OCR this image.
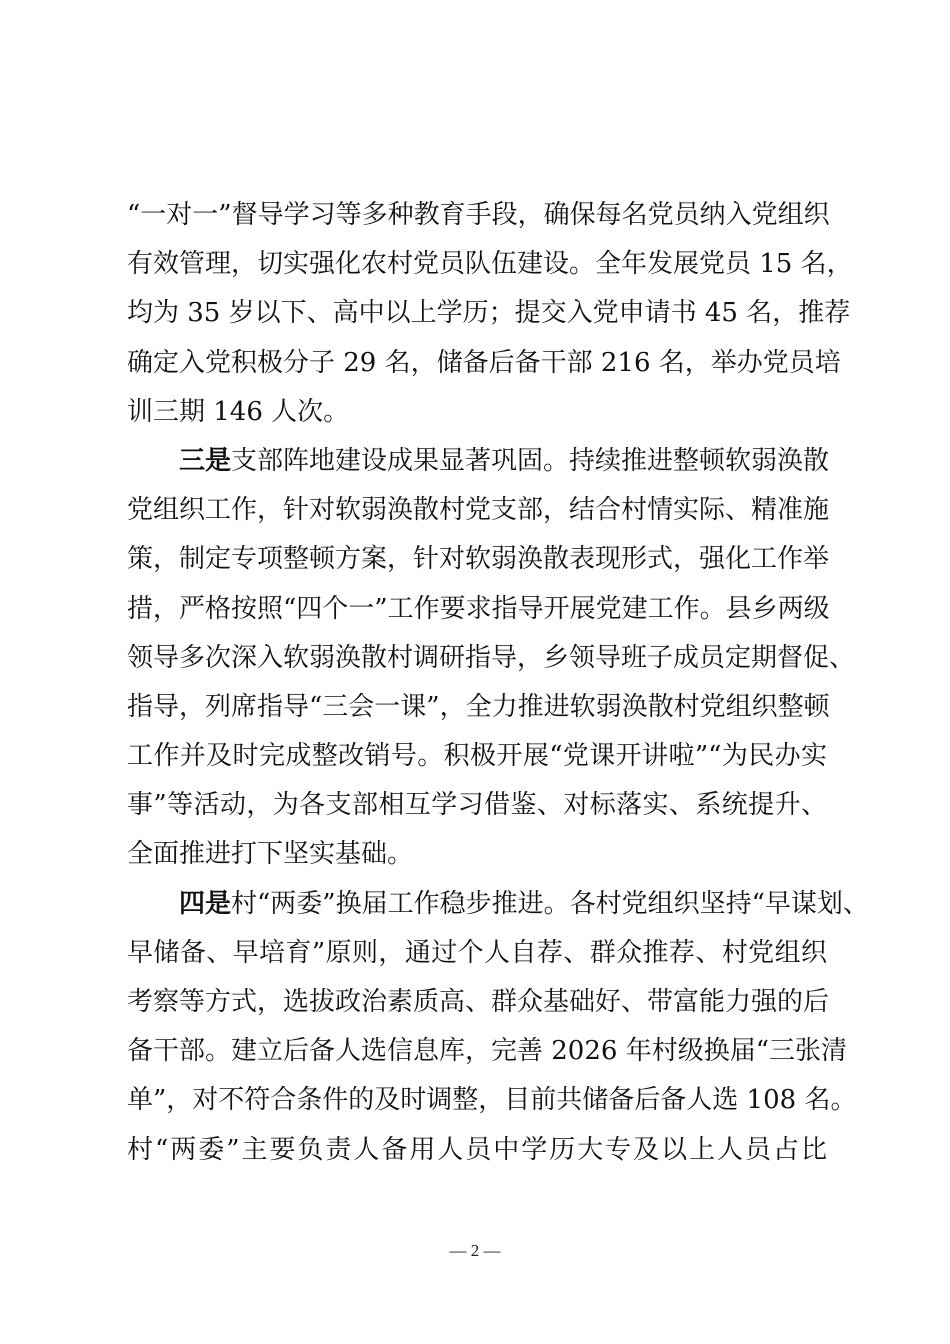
“一对一”督导学习等多种教育手段，确保每名党员纳入党组织
有效管理，切实强化农村党员队伍建设。全年发展党员 15 名，
均为 35 岁以下、高中以上学历；提交入党申请书 45 名，推荐
确定入党积极分子 29 名，储备后备干部 216 名，举办党员培
训三期 146 人次。
三是支部阵地建设成果显著巩固。持续推进整顿软弱涣散
党组织工作，针对软弱涣散村党支部，结合村情实际、精准施
策，制定专项整顿方案，针对软弱涣散表现形式，强化工作举
措，严格按照“四个一”工作要求指导开展党建工作。县乡两级
领导多次深入软弱涣散村调研指导，乡领导班子成员定期督促、
指导，列席指导“三会一课”，全力推进软弱涣散村党组织整顿
工作并及时完成整改销号。积极开展“党课开讲啦”“为民办实
事”等活动，为各支部相互学习借鉴、对标落实、系统提升、
全面推进打下坚实基础。
四是村“两委”换届工作稳步推进。各村党组织坚持“早谋划、
早储备、早培育”原则，通过个人自荐、群众推荐、村党组织
考察等方式，选拔政治素质高、群众基础好、带富能力强的后
备干部。建立后备人选信息库，完善 2026 年村级换届“三张清
单”，对不符合条件的及时调整，目前共储备后备人选 108 名。
村“两委”主要负责人备用人员中学历大专及以上人员占比
— 2 —
